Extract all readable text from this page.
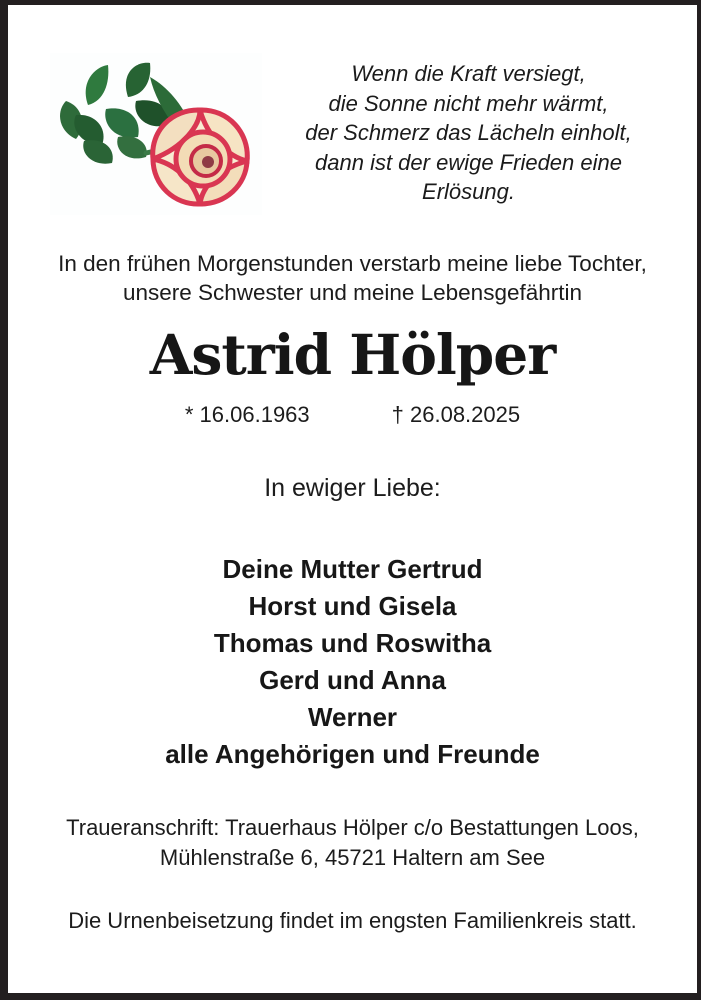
Wenn die Kraft versiegt,
die Sonne nicht mehr wärmt,
der Schmerz das Lächeln einholt,
dann ist der ewige Frieden eine
Erlösung.
In den frühen Morgenstunden verstarb meine liebe Tochter,
unsere Schwester und meine Lebensgefährtin
Astrid Hölper
* 16.06.1963	† 26.08.2025
In ewiger Liebe:
Deine Mutter Gertrud
Horst und Gisela
Thomas und Roswitha
Gerd und Anna
Werner
alle Angehörigen und Freunde
Traueranschrift: Trauerhaus Hölper c/o Bestattungen Loos,
Mühlenstraße 6, 45721 Haltern am See
Die Urnenbeisetzung findet im engsten Familienkreis statt.
